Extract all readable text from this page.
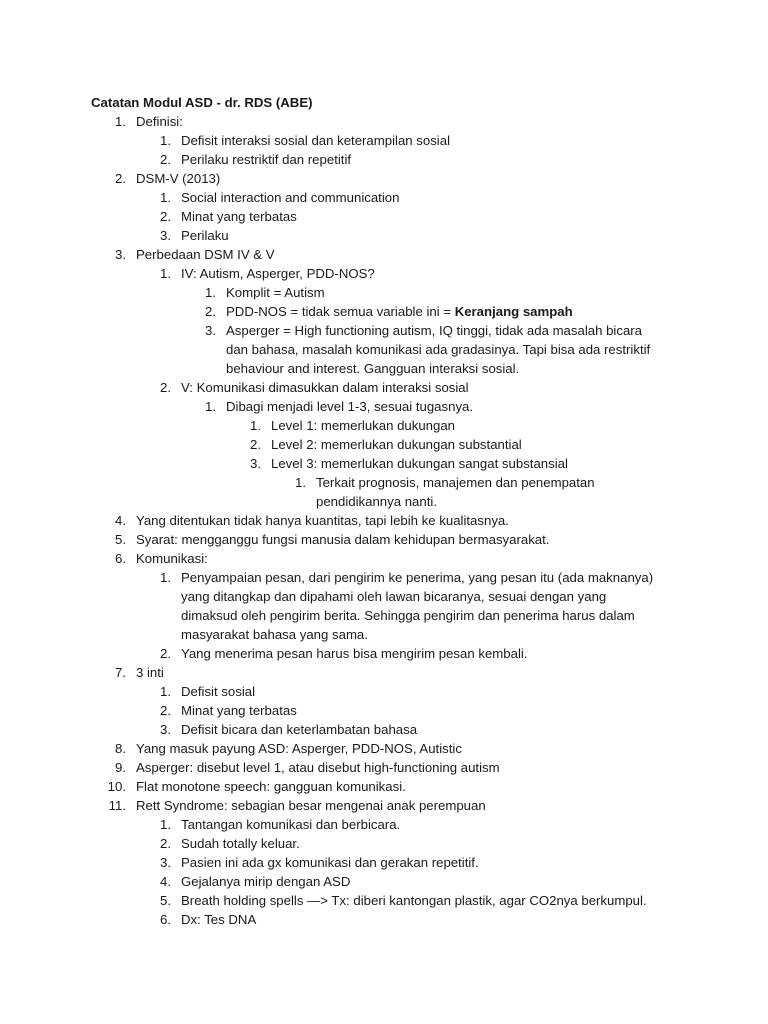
Catatan Modul ASD - dr. RDS (ABE)
1. Definisi:
1. Defisit interaksi sosial dan keterampilan sosial
2. Perilaku restriktif dan repetitif
2. DSM-V (2013)
1. Social interaction and communication
2. Minat yang terbatas
3. Perilaku
3. Perbedaan DSM IV & V
1. IV: Autism, Asperger, PDD-NOS?
1. Komplit = Autism
2. PDD-NOS = tidak semua variable ini = Keranjang sampah
3. Asperger = High functioning autism, IQ tinggi, tidak ada masalah bicara
dan bahasa, masalah komunikasi ada gradasinya. Tapi bisa ada restriktif
behaviour and interest. Gangguan interaksi sosial.
2. V: Komunikasi dimasukkan dalam interaksi sosial
1. Dibagi menjadi level 1-3, sesuai tugasnya.
1. Level 1: memerlukan dukungan
2. Level 2: memerlukan dukungan substantial
3. Level 3: memerlukan dukungan sangat substansial
1. Terkait prognosis, manajemen dan penempatan
pendidikannya nanti.
4. Yang ditentukan tidak hanya kuantitas, tapi lebih ke kualitasnya.
5. Syarat: mengganggu fungsi manusia dalam kehidupan bermasyarakat.
6. Komunikasi:
1. Penyampaian pesan, dari pengirim ke penerima, yang pesan itu (ada maknanya)
yang ditangkap dan dipahami oleh lawan bicaranya, sesuai dengan yang
dimaksud oleh pengirim berita. Sehingga pengirim dan penerima harus dalam
masyarakat bahasa yang sama.
2. Yang menerima pesan harus bisa mengirim pesan kembali.
7. 3 inti
1. Defisit sosial
2. Minat yang terbatas
3. Defisit bicara dan keterlambatan bahasa
8. Yang masuk payung ASD: Asperger, PDD-NOS, Autistic
9. Asperger: disebut level 1, atau disebut high-functioning autism
10. Flat monotone speech: gangguan komunikasi.
11. Rett Syndrome: sebagian besar mengenai anak perempuan
1. Tantangan komunikasi dan berbicara.
2. Sudah totally keluar.
3. Pasien ini ada gx komunikasi dan gerakan repetitif.
4. Gejalanya mirip dengan ASD
5. Breath holding spells —> Tx: diberi kantongan plastik, agar CO2nya berkumpul.
6. Dx: Tes DNA
